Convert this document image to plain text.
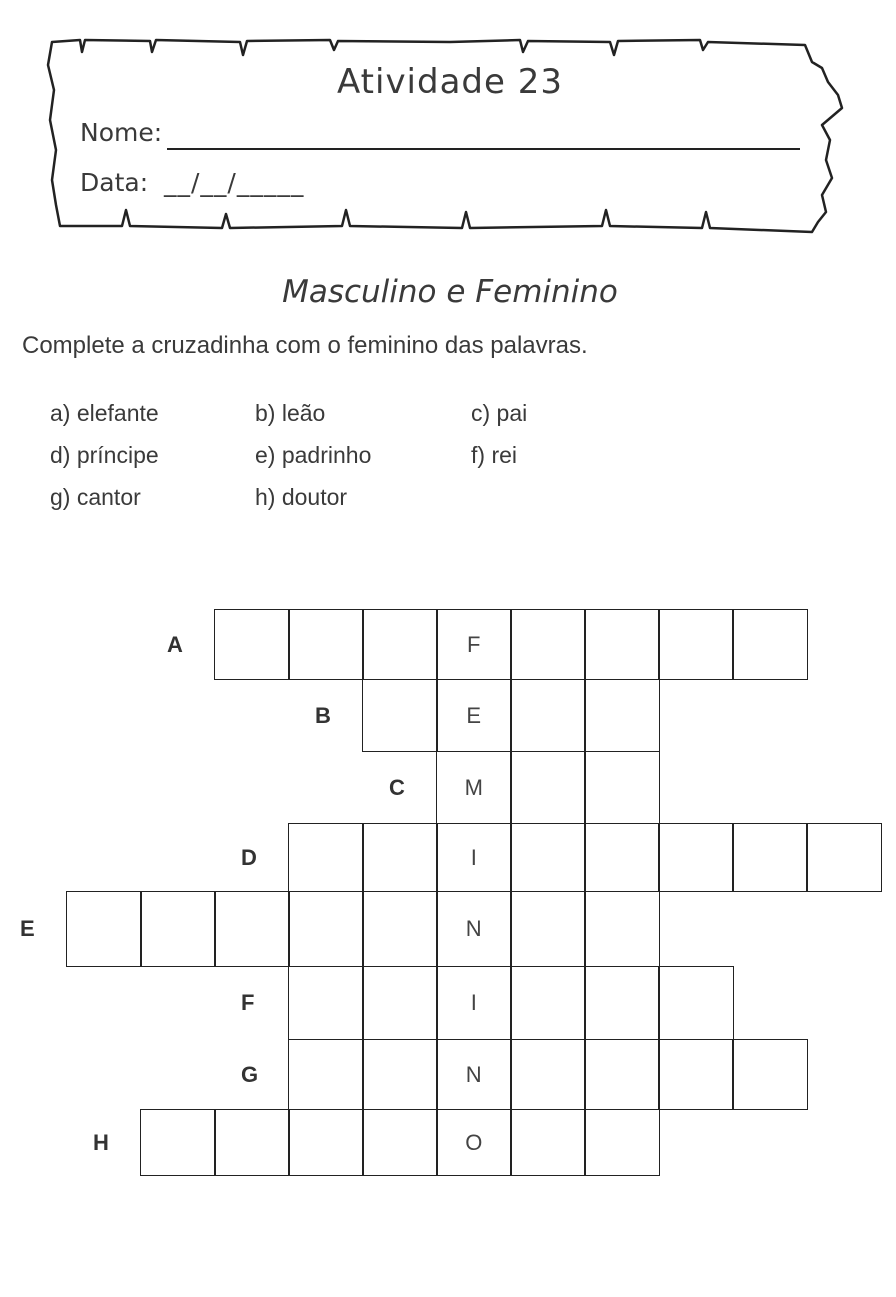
Atividade 23
Nome:
Data: __/__/_____
Masculino e Feminino
Complete a cruzadinha com o feminino das palavras.
a) elefante	b) leão	c) pai
d) príncipe	e) padrinho	f) rei
g) cantor	h) doutor
A	F
B	E
C	M
D	I
E	N
F	I
G	N
H	O
